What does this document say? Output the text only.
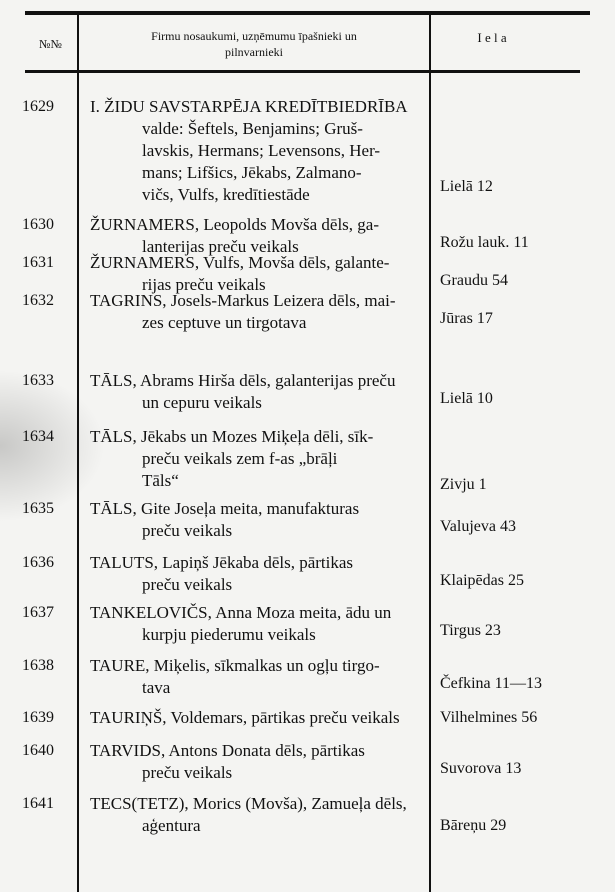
№№
Firmu nosaukumi, uzņēmumu īpašnieki un
pilnvarnieki
I e l a
1629 I. ŽIDU SAVSTARPĒJA KREDĪTBIEDRĪBA
valde: Šeftels, Benjamins; Gruš-
lavskis, Hermans; Levensons, Her-
mans; Lifšics, Jēkabs, Zalmano-
vičs, Vulfs, kredītiestāde	Lielā 12
1630 ŽURNAMERS, Leopolds Movša dēls, ga-
lanterijas preču veikals	Rožu lauk. 11
1631 ŽURNAMERS, Vulfs, Movša dēls, galante-
rijas preču veikals	Graudu 54
1632 TAGRINS, Josels-Markus Leizera dēls, mai-
zes ceptuve un tirgotava	Jūras 17
1633 TĀLS, Abrams Hirša dēls, galanterijas preču
un cepuru veikals	Lielā 10
1634 TĀLS, Jēkabs un Mozes Miķeļa dēli, sīk-
preču veikals zem f-as „brāļi
Tāls“	Zivju 1
1635 TĀLS, Gite Joseļa meita, manufakturas
preču veikals	Valujeva 43
1636 TALUTS, Lapiņš Jēkaba dēls, pārtikas
preču veikals	Klaipēdas 25
1637 TANKELOVIČS, Anna Moza meita, ādu un
kurpju piederumu veikals	Tirgus 23
1638 TAURE, Miķelis, sīkmalkas un ogļu tirgo-
tava	Čefkina 11—13
1639 TAURIŅŠ, Voldemars, pārtikas preču veikals	Vilhelmines 56
1640 TARVIDS, Antons Donata dēls, pārtikas
preču veikals	Suvorova 13
1641 TECS(TETZ), Morics (Movša), Zamueļa dēls,
aģentura	Bāreņu 29
